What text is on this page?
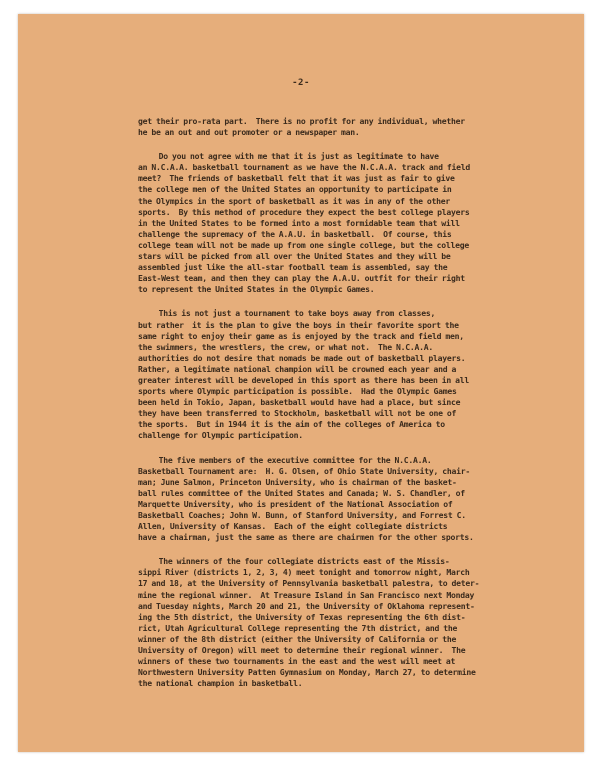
-2-
get their pro-rata part.  There is no profit for any individual, whether
he be an out and out promoter or a newspaper man.
Do you not agree with me that it is just as legitimate to have
an N.C.A.A. basketball tournament as we have the N.C.A.A. track and field
meet?  The friends of basketball felt that it was just as fair to give
the college men of the United States an opportunity to participate in
the Olympics in the sport of basketball as it was in any of the other
sports.  By this method of procedure they expect the best college players
in the United States to be formed into a most formidable team that will
challenge the supremacy of the A.A.U. in basketball.  Of course, this
college team will not be made up from one single college, but the college
stars will be picked from all over the United States and they will be
assembled just like the all-star football team is assembled, say the
East-West team, and then they can play the A.A.U. outfit for their right
to represent the United States in the Olympic Games.
This is not just a tournament to take boys away from classes,
but rather  it is the plan to give the boys in their favorite sport the
same right to enjoy their game as is enjoyed by the track and field men,
the swimmers, the wrestlers, the crew, or what not.  The N.C.A.A.
authorities do not desire that nomads be made out of basketball players.
Rather, a legitimate national champion will be crowned each year and a
greater interest will be developed in this sport as there has been in all
sports where Olympic participation is possible.  Had the Olympic Games
been held in Tokio, Japan, basketball would have had a place, but since
they have been transferred to Stockholm, basketball will not be one of
the sports.  But in 1944 it is the aim of the colleges of America to
challenge for Olympic participation.
The five members of the executive committee for the N.C.A.A.
Basketball Tournament are:  H. G. Olsen, of Ohio State University, chair-
man; June Salmon, Princeton University, who is chairman of the basket-
ball rules committee of the United States and Canada; W. S. Chandler, of
Marquette University, who is president of the National Association of
Basketball Coaches; John W. Bunn, of Stanford University, and Forrest C.
Allen, University of Kansas.  Each of the eight collegiate districts
have a chairman, just the same as there are chairmen for the other sports.
The winners of the four collegiate districts east of the Missis-
sippi River (districts 1, 2, 3, 4) meet tonight and tomorrow night, March
17 and 18, at the University of Pennsylvania basketball palestra, to deter-
mine the regional winner.  At Treasure Island in San Francisco next Monday
and Tuesday nights, March 20 and 21, the University of Oklahoma represent-
ing the 5th district, the University of Texas representing the 6th dist-
rict, Utah Agricultural College representing the 7th district, and the
winner of the 8th district (either the University of California or the
University of Oregon) will meet to determine their regional winner.  The
winners of these two tournaments in the east and the west will meet at
Northwestern University Patten Gymnasium on Monday, March 27, to determine
the national champion in basketball.
